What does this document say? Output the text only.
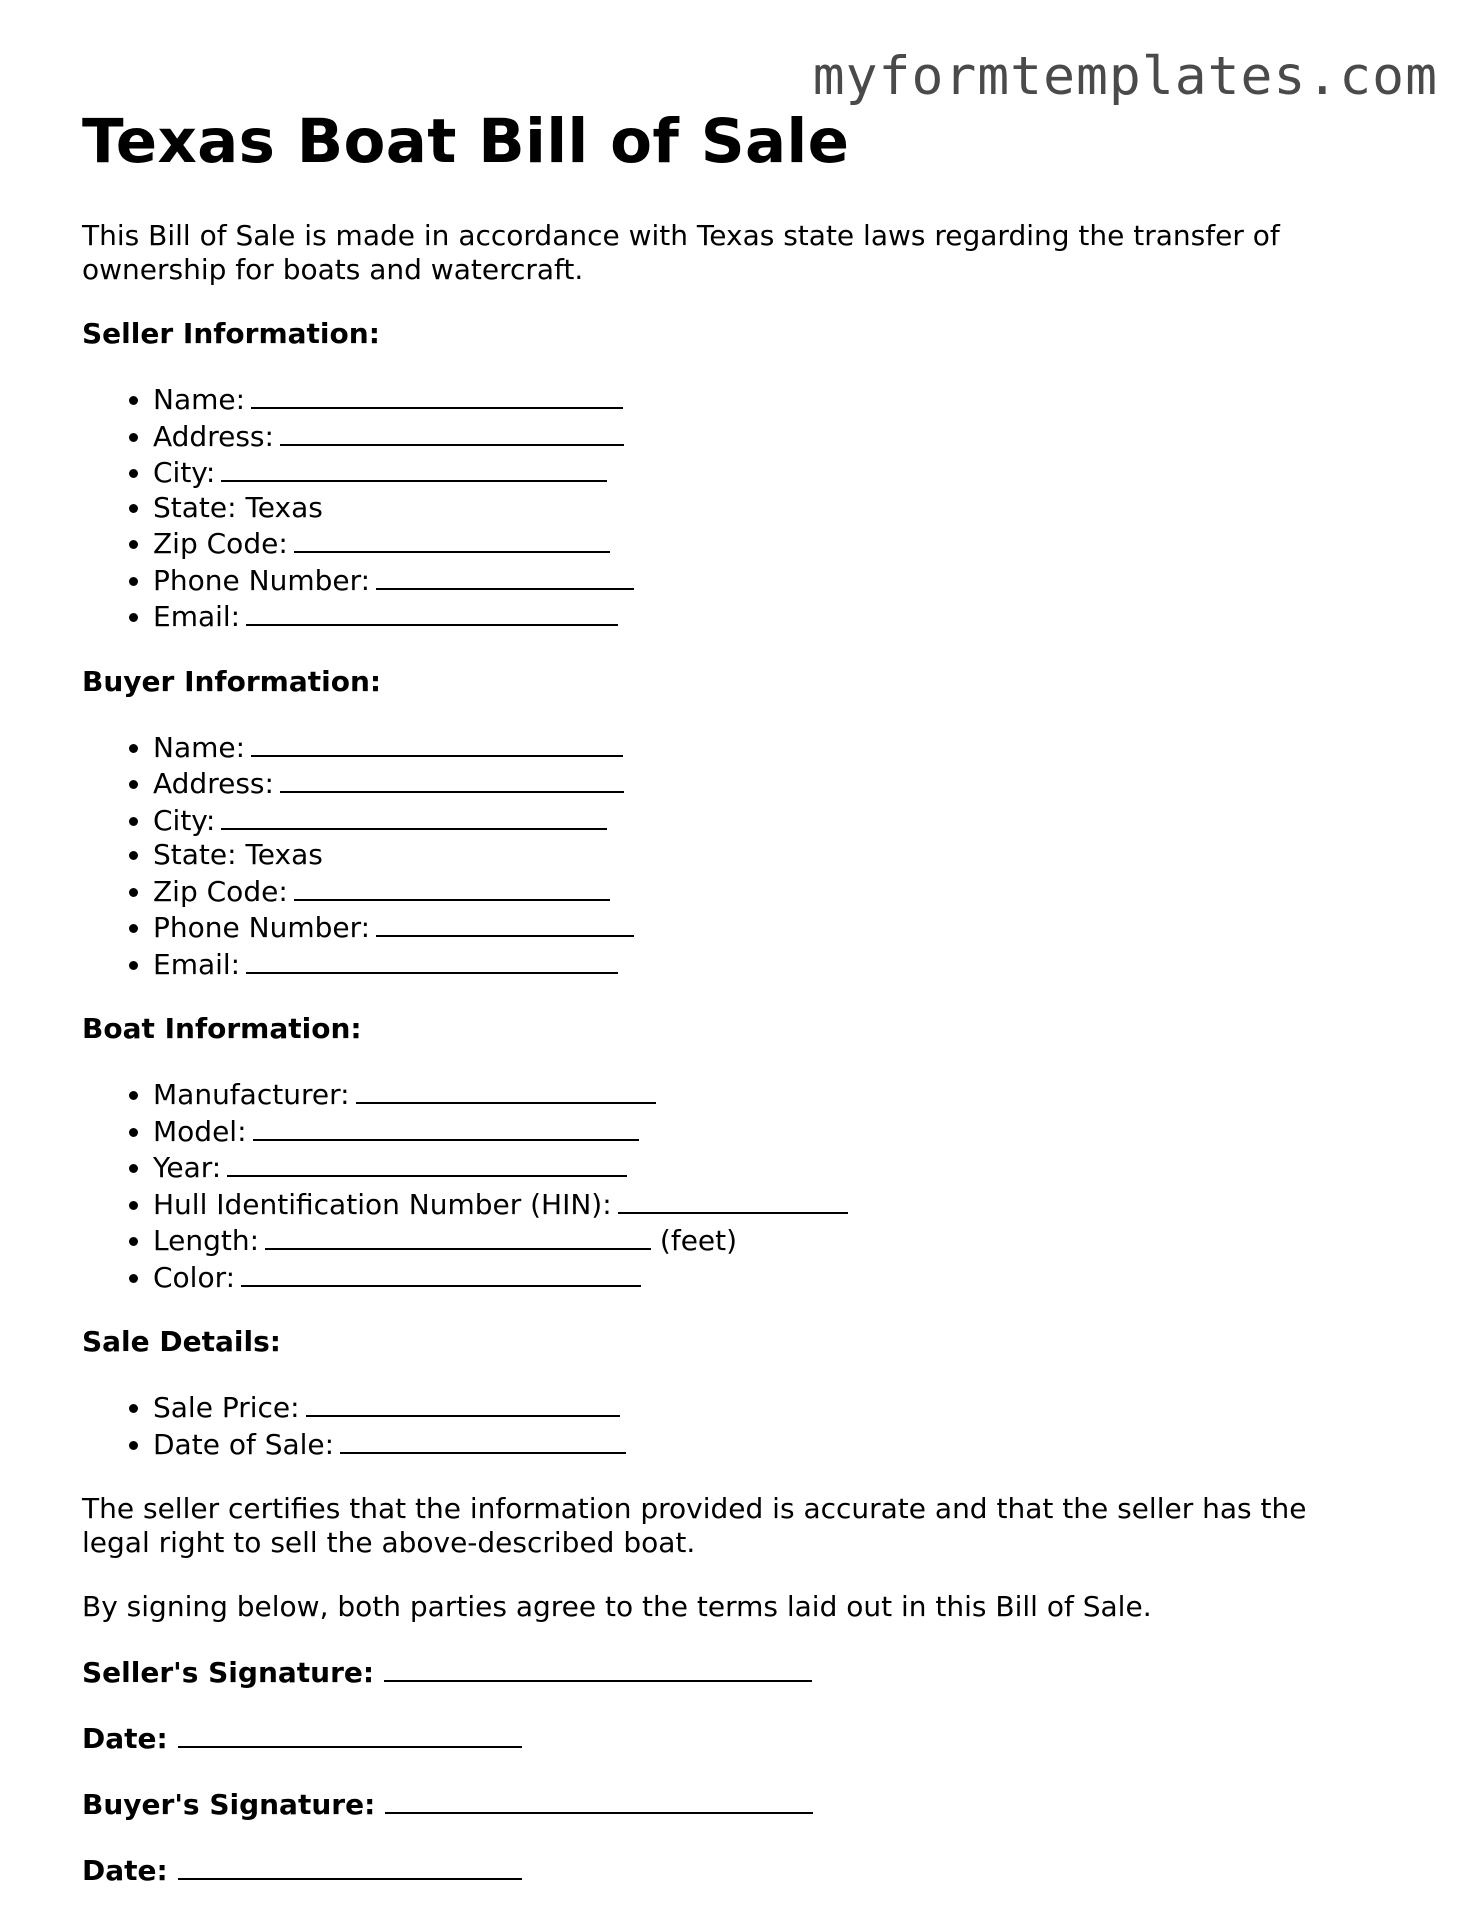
myformtemplates.com
Texas Boat Bill of Sale

This Bill of Sale is made in accordance with Texas state laws regarding the transfer of ownership for boats and watercraft.

Seller Information:
• Name:
• Address:
• City:
• State: Texas
• Zip Code:
• Phone Number:
• Email:
Buyer Information:
• Name:
• Address:
• City:
• State: Texas
• Zip Code:
• Phone Number:
• Email:
Boat Information:
• Manufacturer:
• Model:
• Year:
• Hull Identification Number (HIN):
• Length:	(feet)
• Color:
Sale Details:
• Sale Price:
• Date of Sale:

The seller certifies that the information provided is accurate and that the seller has the legal right to sell the above-described boat.

By signing below, both parties agree to the terms laid out in this Bill of Sale.

Seller's Signature:
Date:
Buyer's Signature:
Date:
